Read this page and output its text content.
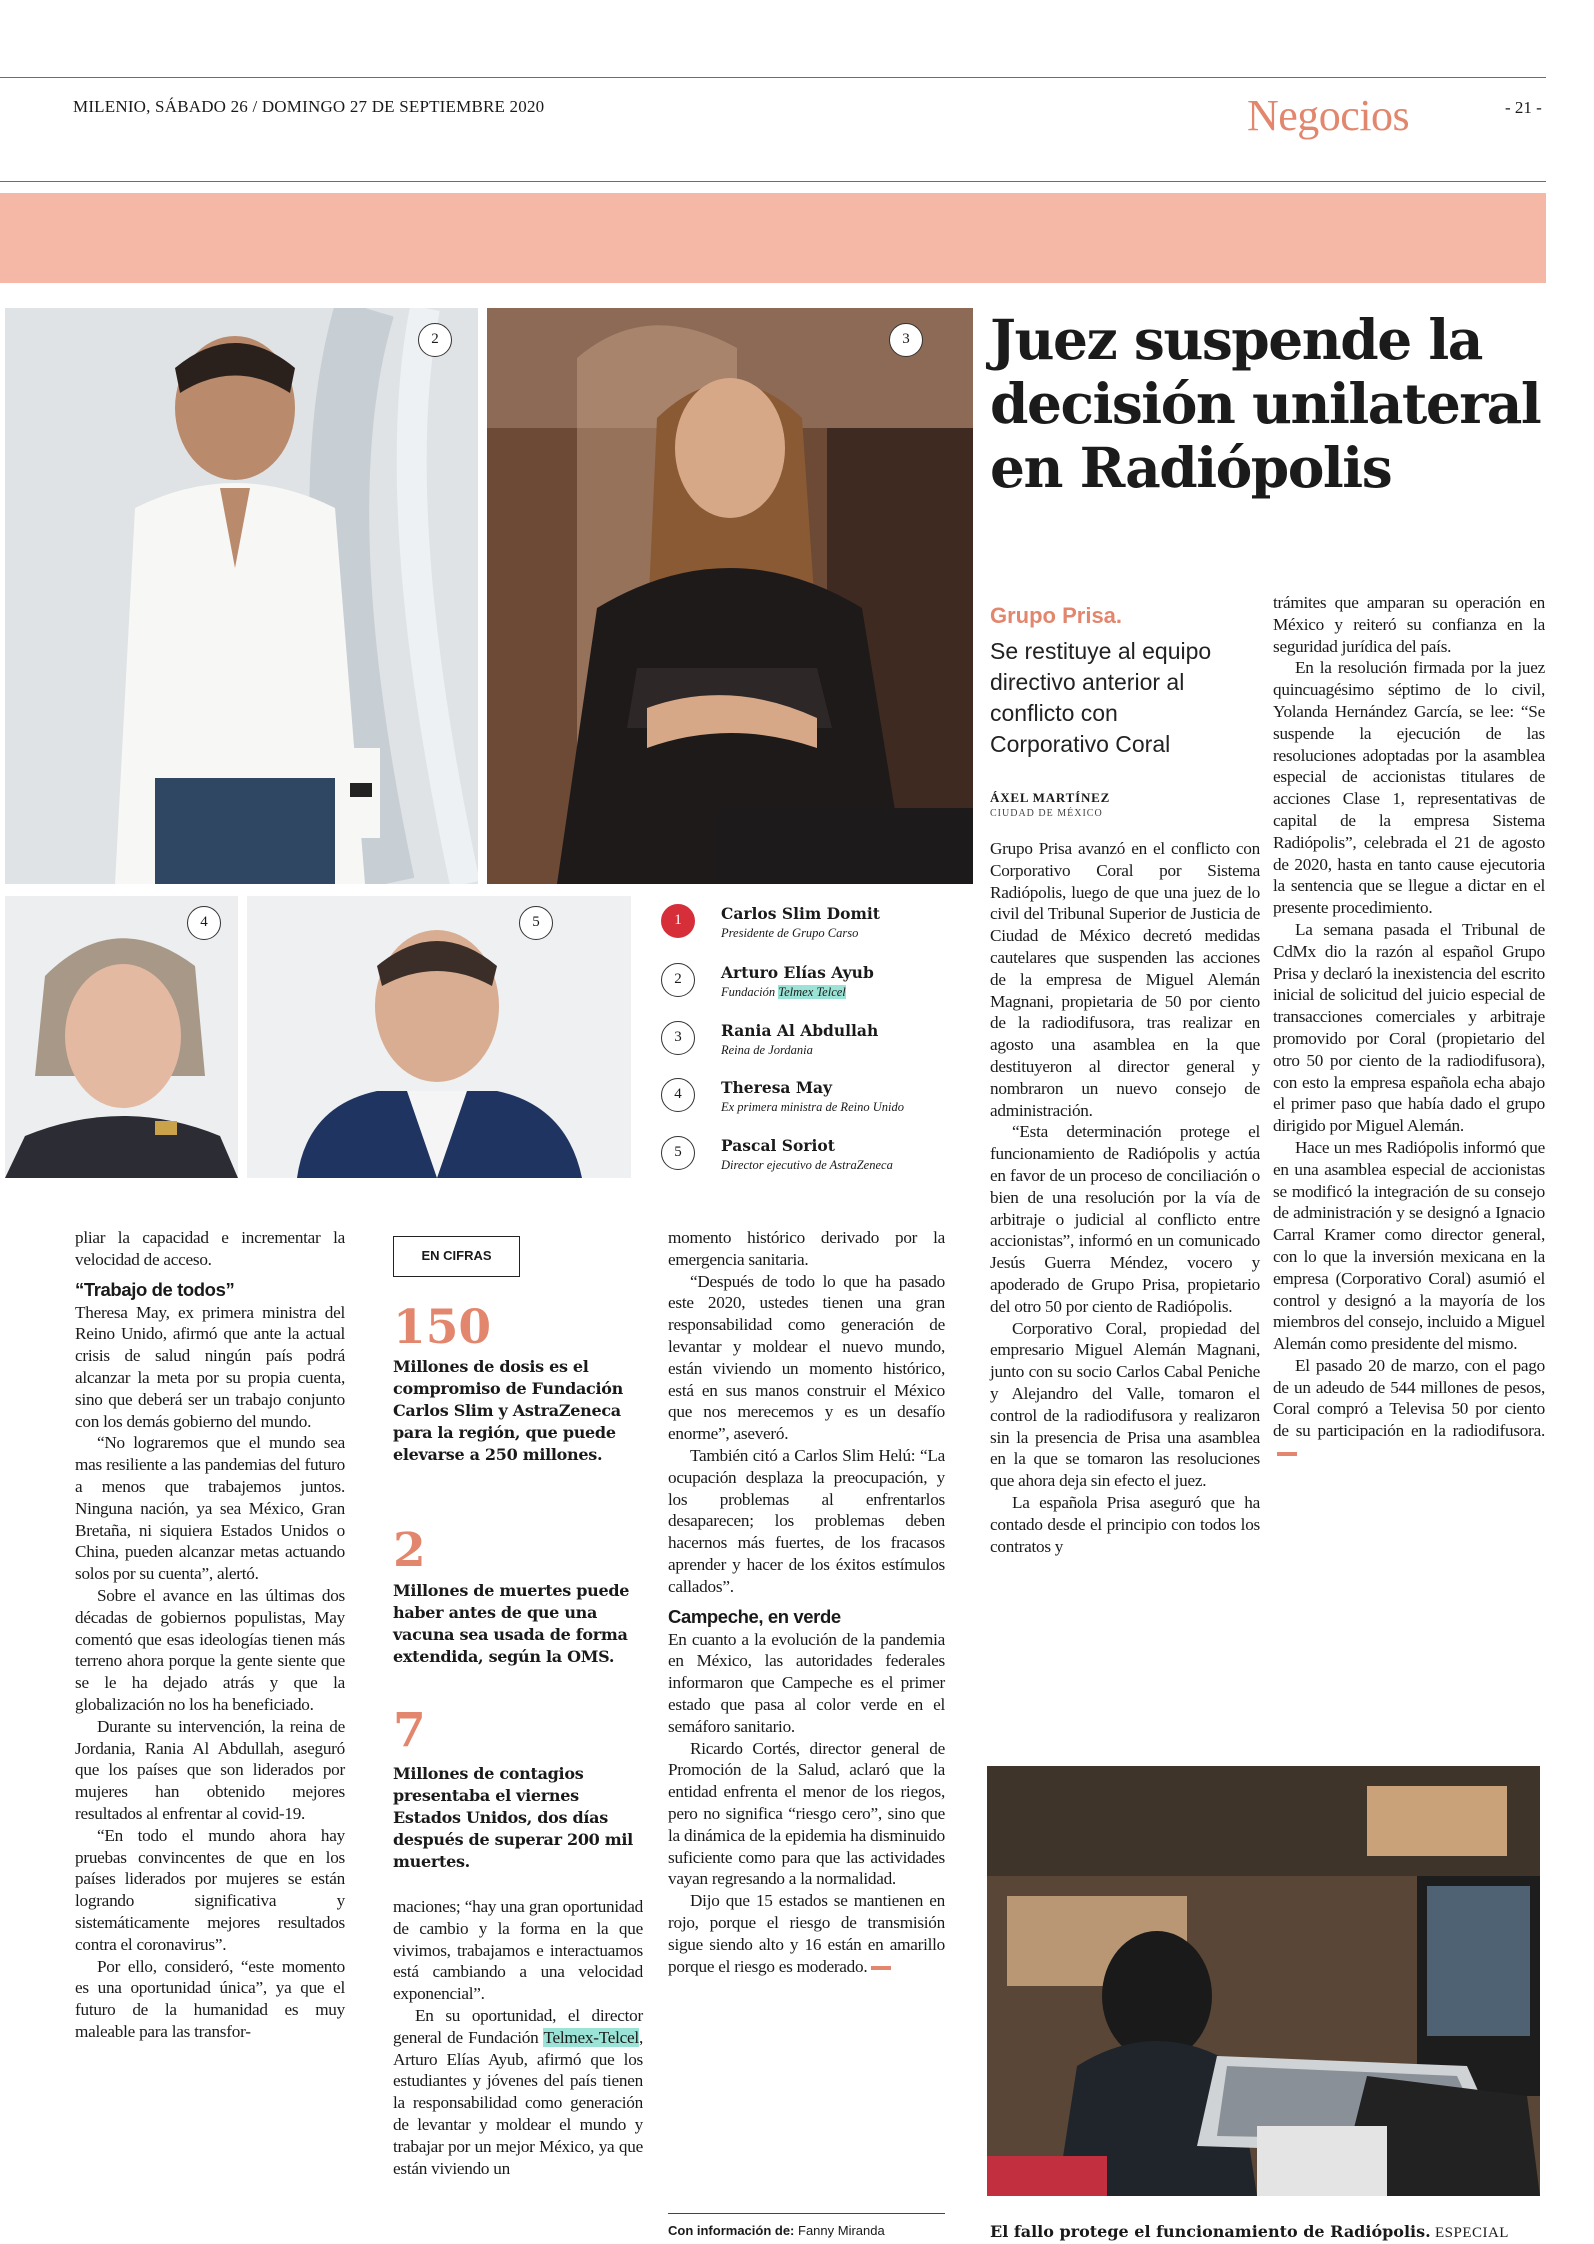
MILENIO, SÁBADO 26 / DOMINGO 27 DE SEPTIEMBRE 2020	Negocios	- 21 -
2	3
4	5	1	Carlos Slim Domit
Presidente de Grupo Carso
2	Arturo Elías Ayub
Fundación Telmex Telcel
3	Rania Al Abdullah
Reina de Jordania
4	Theresa May
Ex primera ministra de Reino Unido
5	Pascal Soriot
Director ejecutivo de AstraZeneca
Juez suspende la decisión unilateral en Radiópolis
Grupo Prisa.
Se restituye al equipo directivo anterior al conflicto con Corporativo Coral
ÁXEL MARTÍNEZ
CIUDAD DE MÉXICO

pliar la capacidad e incrementar la velocidad de acceso.

“Trabajo de todos”

Theresa May, ex primera ministra del Reino Unido, afirmó que ante la actual crisis de salud ningún país podrá alcanzar la meta por su propia cuenta, sino que deberá ser un trabajo conjunto con los demás gobierno del mundo.

“No lograremos que el mundo sea mas resiliente a las pandemias del futuro a menos que trabajemos juntos. Ninguna nación, ya sea México, Gran Bretaña, ni siquiera Estados Unidos o China, pueden alcanzar metas actuando solos por su cuenta”, alertó.

Sobre el avance en las últimas dos décadas de gobiernos populistas, May comentó que esas ideologías tienen más terreno ahora porque la gente siente que se le ha dejado atrás y que la globalización no los ha beneficiado.

Durante su intervención, la reina de Jordania, Rania Al Abdullah, aseguró que los países que son liderados por mujeres han obtenido mejores resultados al enfrentar al covid-19.

“En todo el mundo ahora hay pruebas convincentes de que en los países liderados por mujeres se están logrando significativa y sistemáticamente mejores resultados contra el coronavirus”.

Por ello, consideró, “este momento es una oportunidad única”, ya que el futuro de la humanidad es muy maleable para las transfor-

EN CIFRAS
150
Millones de dosis es el compromiso de Fundación Carlos Slim y AstraZeneca para la región, que puede elevarse a 250 millones.
2
Millones de muertes puede haber antes de que una vacuna sea usada de forma extendida, según la OMS.
7
Millones de contagios presentaba el viernes Estados Unidos, dos días después de superar 200 mil muertes.

maciones; “hay una gran oportunidad de cambio y la forma en la que vivimos, trabajamos e interactuamos está cambiando a una velocidad exponencial”.

En su oportunidad, el director general de Fundación Telmex-Telcel, Arturo Elías Ayub, afirmó que los estudiantes y jóvenes del país tienen la responsabilidad como generación de levantar y moldear el mundo y trabajar por un mejor México, ya que están viviendo un

momento histórico derivado por la emergencia sanitaria.

“Después de todo lo que ha pasado este 2020, ustedes tienen una gran responsabilidad como generación de levantar y moldear el nuevo mundo, están viviendo un momento histórico, está en sus manos construir el México que nos merecemos y es un desafío enorme”, aseveró.

También citó a Carlos Slim Helú: “La ocupación desplaza la preocupación, y los problemas al enfrentarlos desaparecen; los problemas deben hacernos más fuertes, de los fracasos aprender y hacer de los éxitos estímulos callados”.

Campeche, en verde

En cuanto a la evolución de la pandemia en México, las autoridades federales informaron que Campeche es el primer estado que pasa al color verde en el semáforo sanitario.

Ricardo Cortés, director general de Promoción de la Salud, aclaró que la entidad enfrenta el menor de los riegos, pero no significa “riesgo cero”, sino que la dinámica de la epidemia ha disminuido suficiente como para que las actividades vayan regresando a la normalidad.

Dijo que 15 estados se mantienen en rojo, porque el riesgo de transmisión sigue siendo alto y 16 están en amarillo porque el riesgo es moderado.

Con información de: Fanny Miranda

Grupo Prisa avanzó en el conflicto con Corporativo Coral por Sistema Radiópolis, luego de que una juez de lo civil del Tribunal Superior de Justicia de Ciudad de México decretó medidas cautelares que suspenden las acciones de la empresa de Miguel Alemán Magnani, propietaria de 50 por ciento de la radiodifusora, tras realizar en agosto una asamblea en la que destituyeron al director general y nombraron un nuevo consejo de administración.

“Esta determinación protege el funcionamiento de Radiópolis y actúa en favor de un proceso de conciliación o bien de una resolución por la vía de arbitraje o judicial al conflicto entre accionistas”, informó en un comunicado Jesús Guerra Méndez, vocero y apoderado de Grupo Prisa, propietario del otro 50 por ciento de Radiópolis.

Corporativo Coral, propiedad del empresario Miguel Alemán Magnani, junto con su socio Carlos Cabal Peniche y Alejandro del Valle, tomaron el control de la radiodifusora y realizaron sin la presencia de Prisa una asamblea en la que se tomaron las resoluciones que ahora deja sin efecto el juez.

La española Prisa aseguró que ha contado desde el principio con todos los contratos y

trámites que amparan su operación en México y reiteró su confianza en la seguridad jurídica del país.

En la resolución firmada por la juez quincuagésimo séptimo de lo civil, Yolanda Hernández García, se lee: “Se suspende la ejecución de las resoluciones adoptadas por la asamblea especial de accionistas titulares de acciones Clase 1, representativas de capital de la empresa Sistema Radiópolis”, celebrada el 21 de agosto de 2020, hasta en tanto cause ejecutoria la sentencia que se llegue a dictar en el presente procedimiento.

La semana pasada el Tribunal de CdMx dio la razón al español Grupo Prisa y declaró la inexistencia del escrito inicial de solicitud del juicio especial de transacciones comerciales y arbitraje promovido por Coral (propietario del otro 50 por ciento de la radiodifusora), con esto la empresa española echa abajo el primer paso que había dado el grupo dirigido por Miguel Alemán.

Hace un mes Radiópolis informó que en una asamblea especial de accionistas se modificó la integración de su consejo de administración y se designó a Ignacio Carral Kramer como director general, con lo que la inversión mexicana en la empresa (Corporativo Coral) asumió el control y designó a la mayoría de los miembros del consejo, incluido a Miguel Alemán como presidente del mismo.

El pasado 20 de marzo, con el pago de un adeudo de 544 millones de pesos, Coral compró a Televisa 50 por ciento de su participación en la radiodifusora.

El fallo protege el funcionamiento de Radiópolis. ESPECIAL
